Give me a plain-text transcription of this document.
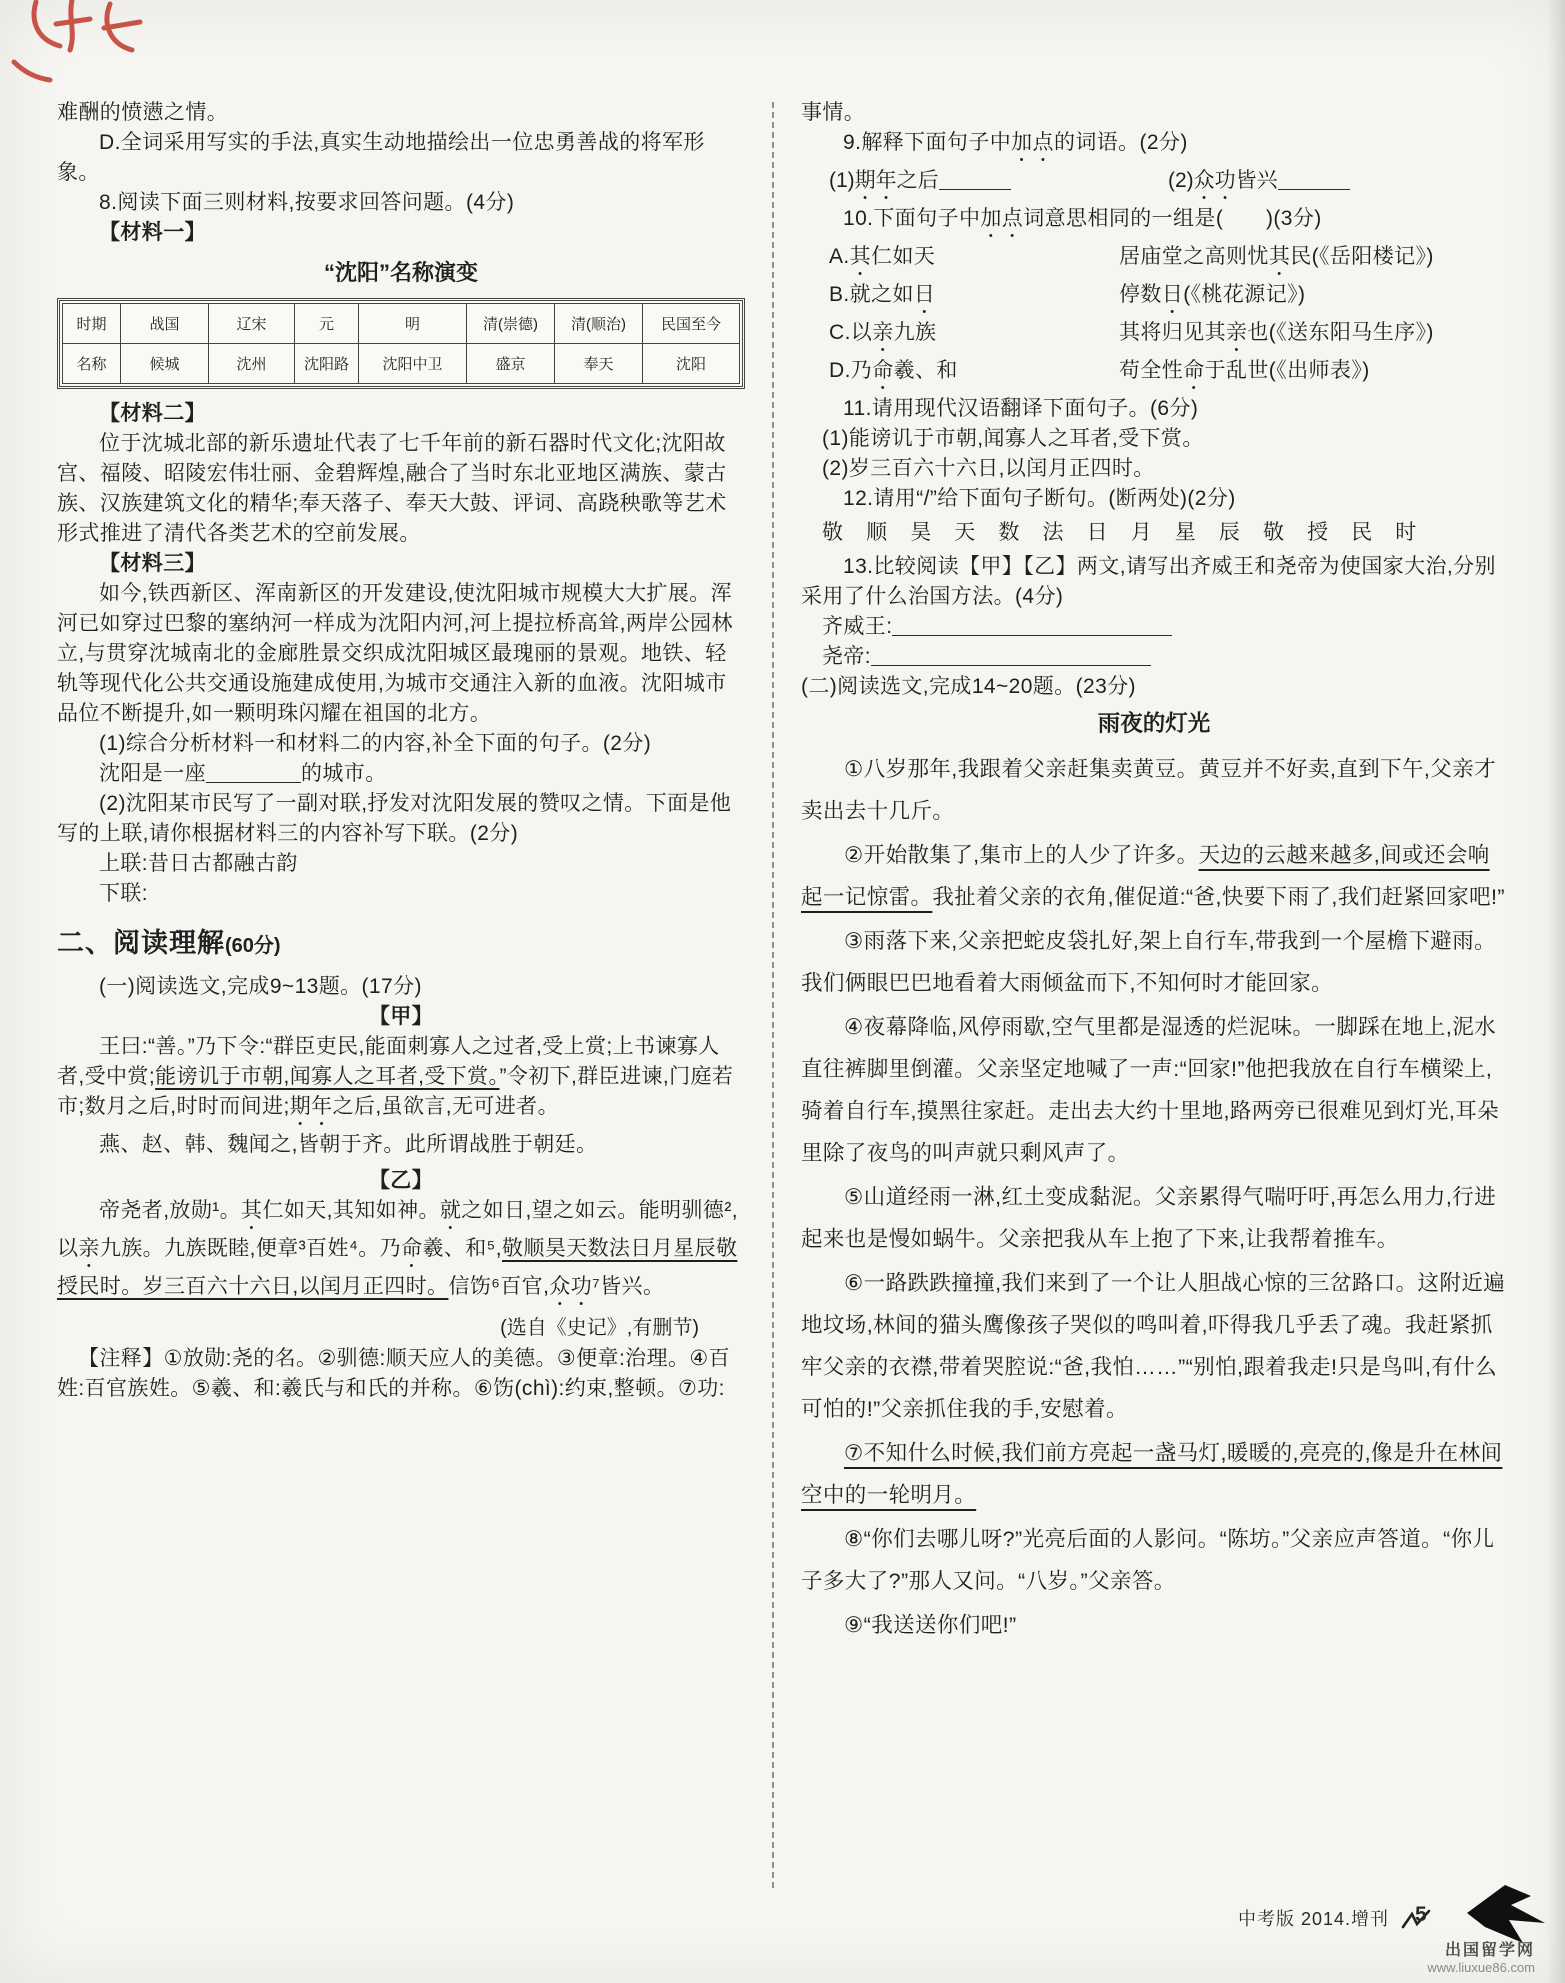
难酬的愤懑之情。

D.全词采用写实的手法,真实生动地描绘出一位忠勇善战的将军形象。

8.阅读下面三则材料,按要求回答问题。(4分)

【材料一】

“沈阳”名称演变

时期	战国	辽宋	元	明	清(崇德)	清(顺治)	民国至今
名称	候城	沈州	沈阳路	沈阳中卫	盛京	奉天	沈阳

【材料二】

位于沈城北部的新乐遗址代表了七千年前的新石器时代文化;沈阳故宫、福陵、昭陵宏伟壮丽、金碧辉煌,融合了当时东北亚地区满族、蒙古族、汉族建筑文化的精华;奉天落子、奉天大鼓、评词、高跷秧歌等艺术形式推进了清代各类艺术的空前发展。

【材料三】

如今,铁西新区、浑南新区的开发建设,使沈阳城市规模大大扩展。浑河已如穿过巴黎的塞纳河一样成为沈阳内河,河上提拉桥高耸,两岸公园林立,与贯穿沈城南北的金廊胜景交织成沈阳城区最瑰丽的景观。地铁、轻轨等现代化公共交通设施建成使用,为城市交通注入新的血液。沈阳城市品位不断提升,如一颗明珠闪耀在祖国的北方。

(1)综合分析材料一和材料二的内容,补全下面的句子。(2分)

沈阳是一座	的城市。

(2)沈阳某市民写了一副对联,抒发对沈阳发展的赞叹之情。下面是他写的上联,请你根据材料三的内容补写下联。(2分)

上联:昔日古都融古韵

下联:

二、阅读理解(60分)

(一)阅读选文,完成9~13题。(17分)

【甲】

王曰:“善。”乃下令:“群臣吏民,能面刺寡人之过者,受上赏;上书谏寡人者,受中赏;能谤讥于市朝,闻寡人之耳者,受下赏。”令初下,群臣进谏,门庭若市;数月之后,时时而间进;期年之后,虽欲言,无可进者。

燕、赵、韩、魏闻之,皆朝于齐。此所谓战胜于朝廷。

【乙】

帝尧者,放勋¹。其仁如天,其知如神。就之如日,望之如云。能明驯德²,以亲九族。九族既睦,便章³百姓⁴。乃命羲、和⁵,敬顺昊天数法日月星辰敬授民时。岁三百六十六日,以闰月正四时。信饬⁶百官,众功⁷皆兴。

(选自《史记》,有删节)

【注释】①放勋:尧的名。②驯德:顺天应人的美德。③便章:治理。④百姓:百官族姓。⑤羲、和:羲氏与和氏的并称。⑥饬(chì):约束,整顿。⑦功:

事情。

9.解释下面句子中加点的词语。(2分)

(1)期年之后	(2)众功皆兴

10.下面句子中加点词意思相同的一组是(　　)(3分)

A.其仁如天	居庙堂之高则忧其民(《岳阳楼记》)
B.就之如日	停数日(《桃花源记》)
C.以亲九族	其将归见其亲也(《送东阳马生序》)
D.乃命羲、和	苟全性命于乱世(《出师表》)

11.请用现代汉语翻译下面句子。(6分)

(1)能谤讥于市朝,闻寡人之耳者,受下赏。

(2)岁三百六十六日,以闰月正四时。

12.请用“/”给下面句子断句。(断两处)(2分)

敬顺昊天数法日月星辰敬授民时

13.比较阅读【甲】【乙】两文,请写出齐威王和尧帝为使国家大治,分别采用了什么治国方法。(4分)

齐威王:

尧帝:

(二)阅读选文,完成14~20题。(23分)

雨夜的灯光

①八岁那年,我跟着父亲赶集卖黄豆。黄豆并不好卖,直到下午,父亲才卖出去十几斤。

②开始散集了,集市上的人少了许多。天边的云越来越多,间或还会响起一记惊雷。我扯着父亲的衣角,催促道:“爸,快要下雨了,我们赶紧回家吧!”

③雨落下来,父亲把蛇皮袋扎好,架上自行车,带我到一个屋檐下避雨。我们俩眼巴巴地看着大雨倾盆而下,不知何时才能回家。

④夜幕降临,风停雨歇,空气里都是湿透的烂泥味。一脚踩在地上,泥水直往裤脚里倒灌。父亲坚定地喊了一声:“回家!”他把我放在自行车横梁上,骑着自行车,摸黑往家赶。走出去大约十里地,路两旁已很难见到灯光,耳朵里除了夜鸟的叫声就只剩风声了。

⑤山道经雨一淋,红土变成黏泥。父亲累得气喘吁吁,再怎么用力,行进起来也是慢如蜗牛。父亲把我从车上抱了下来,让我帮着推车。

⑥一路跌跌撞撞,我们来到了一个让人胆战心惊的三岔路口。这附近遍地坟场,林间的猫头鹰像孩子哭似的鸣叫着,吓得我几乎丢了魂。我赶紧抓牢父亲的衣襟,带着哭腔说:“爸,我怕……”“别怕,跟着我走!只是鸟叫,有什么可怕的!”父亲抓住我的手,安慰着。

⑦不知什么时候,我们前方亮起一盏马灯,暖暖的,亮亮的,像是升在林间空中的一轮明月。

⑧“你们去哪儿呀?”光亮后面的人影问。“陈坊。”父亲应声答道。“你儿子多大了?”那人又问。“八岁。”父亲答。

⑨“我送送你们吧!”

中考版 2014.增刊 5
出国留学网
www.liuxue86.com
